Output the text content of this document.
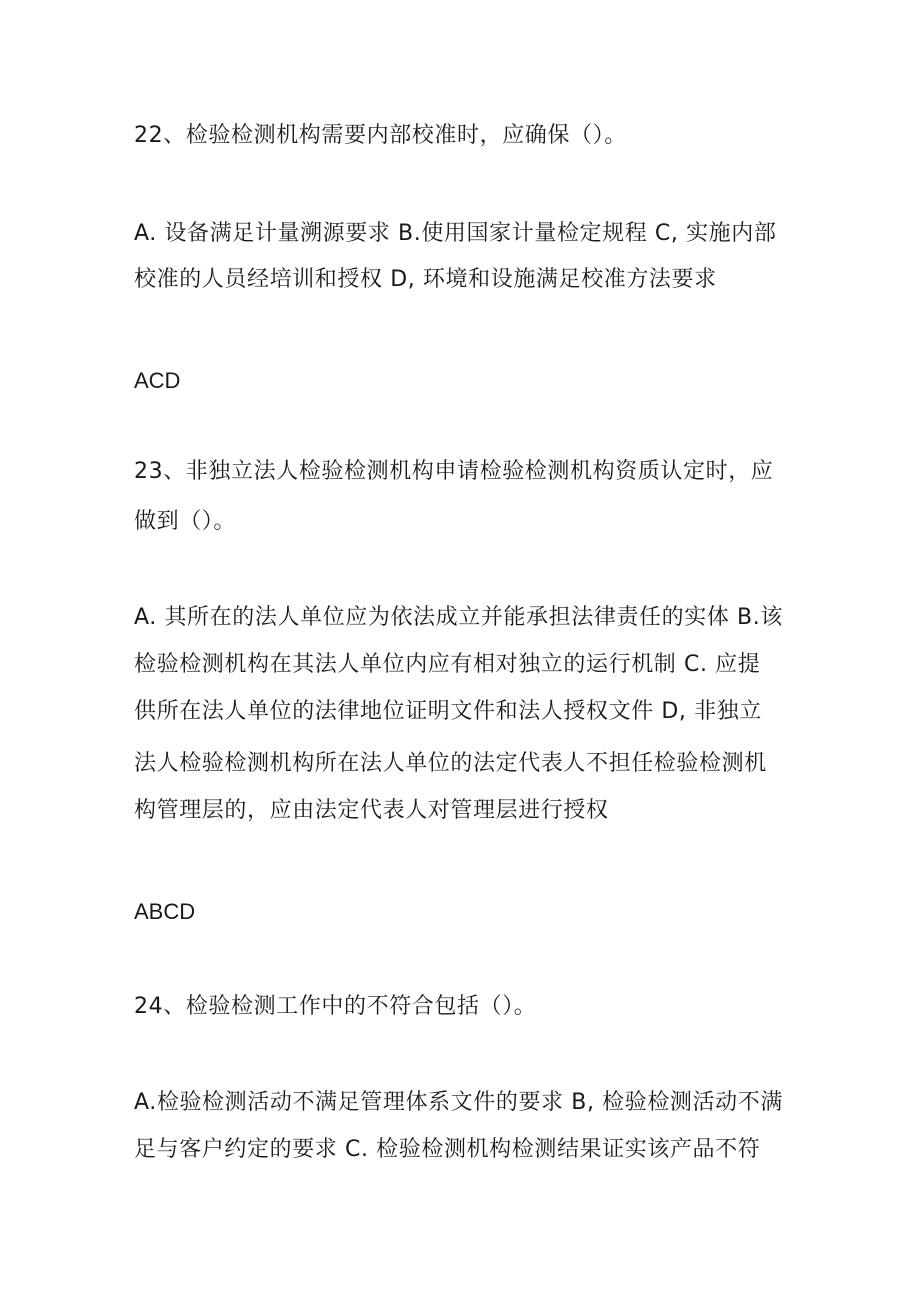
22、检验检测机构需要内部校准时，应确保（）。
A. 设备满足计量溯源要求 B.使用国家计量检定规程 C, 实施内部
校准的人员经培训和授权 D, 环境和设施满足校准方法要求
ACD
23、非独立法人检验检测机构申请检验检测机构资质认定时，应
做到（）。
A. 其所在的法人单位应为依法成立并能承担法律责任的实体 B.该
检验检测机构在其法人单位内应有相对独立的运行机制 C. 应提
供所在法人单位的法律地位证明文件和法人授权文件 D, 非独立
法人检验检测机构所在法人单位的法定代表人不担任检验检测机
构管理层的，应由法定代表人对管理层进行授权
ABCD
24、检验检测工作中的不符合包括（）。
A.检验检测活动不满足管理体系文件的要求 B, 检验检测活动不满
足与客户约定的要求 C. 检验检测机构检测结果证实该产品不符
